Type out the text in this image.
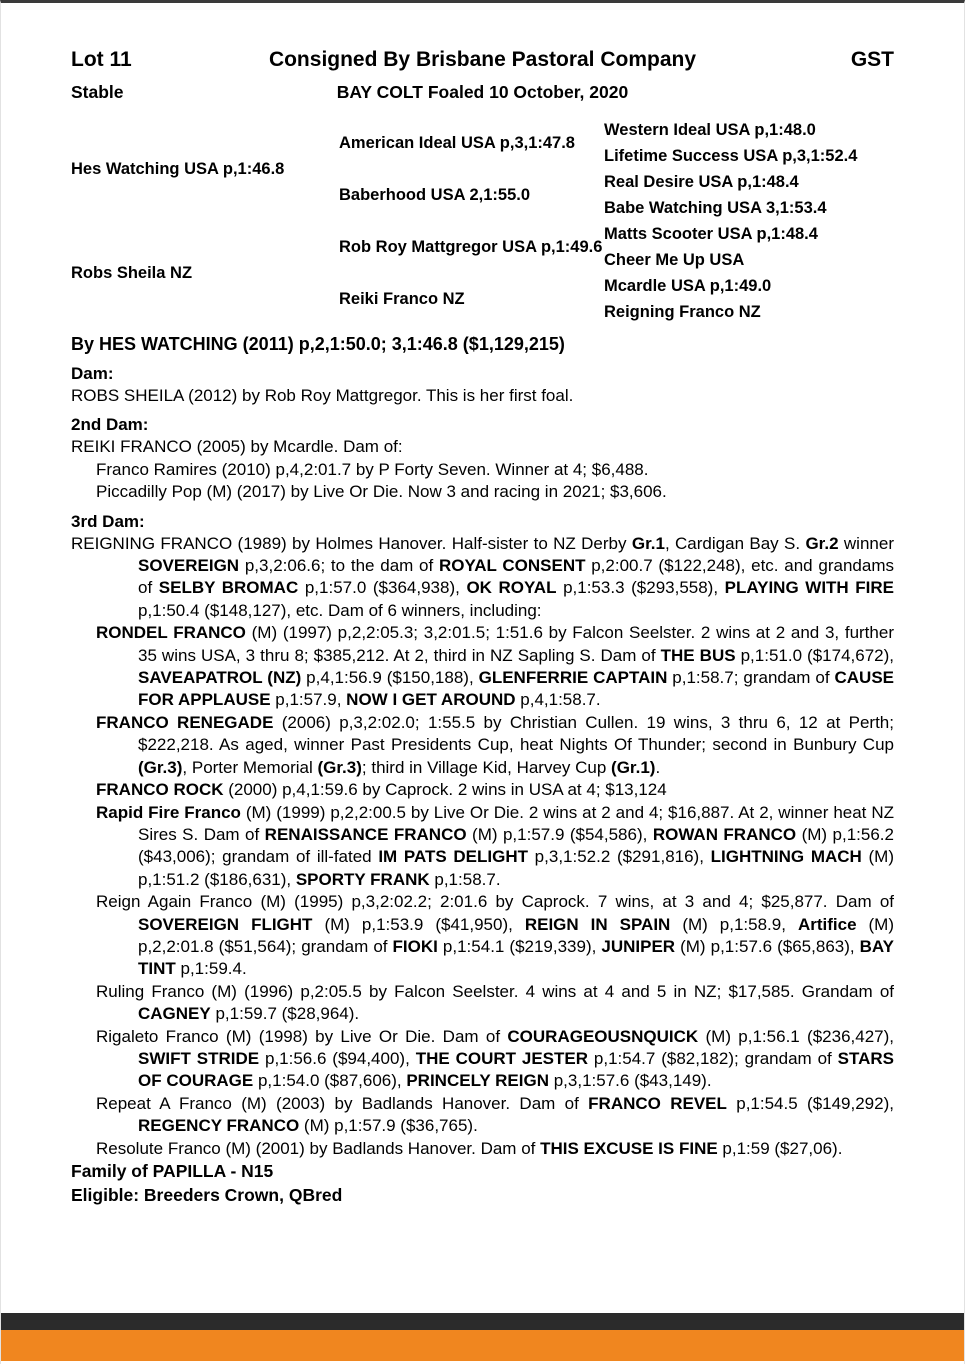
Lot 11	Consigned By Brisbane Pastoral Company	GST
Stable	BAY COLT Foaled 10 October, 2020
Hes Watching USA p,1:46.8
Robs Sheila NZ
American Ideal USA p,3,1:47.8
Baberhood USA 2,1:55.0
Rob Roy Mattgregor USA p,1:49.6
Reiki Franco NZ
Western Ideal USA p,1:48.0
Lifetime Success USA p,3,1:52.4
Real Desire USA p,1:48.4
Babe Watching USA 3,1:53.4
Matts Scooter USA p,1:48.4
Cheer Me Up USA
Mcardle USA p,1:49.0
Reigning Franco NZ
By HES WATCHING (2011) p,2,1:50.0; 3,1:46.8 ($1,129,215)
Dam:
ROBS SHEILA (2012) by Rob Roy Mattgregor. This is her first foal.
2nd Dam:
REIKI FRANCO (2005) by Mcardle. Dam of:
Franco Ramires (2010) p,4,2:01.7 by P Forty Seven. Winner at 4; $6,488.
Piccadilly Pop (M) (2017) by Live Or Die. Now 3 and racing in 2021; $3,606.
3rd Dam:
REIGNING FRANCO (1989) by Holmes Hanover. Half-sister to NZ Derby Gr.1, Cardigan Bay S. Gr.2 winner SOVEREIGN p,3,2:06.6; to the dam of ROYAL CONSENT p,2:00.7 ($122,248), etc. and grandams of SELBY BROMAC p,1:57.0 ($364,938), OK ROYAL p,1:53.3 ($293,558), PLAYING WITH FIRE p,1:50.4 ($148,127), etc. Dam of 6 winners, including:
RONDEL FRANCO (M) (1997) p,2,2:05.3; 3,2:01.5; 1:51.6 by Falcon Seelster. 2 wins at 2 and 3, further 35 wins USA, 3 thru 8; $385,212. At 2, third in NZ Sapling S. Dam of THE BUS p,1:51.0 ($174,672), SAVEAPATROL (NZ) p,4,1:56.9 ($150,188), GLENFERRIE CAPTAIN p,1:58.7; grandam of CAUSE FOR APPLAUSE p,1:57.9, NOW I GET AROUND p,4,1:58.7.
FRANCO RENEGADE (2006) p,3,2:02.0; 1:55.5 by Christian Cullen. 19 wins, 3 thru 6, 12 at Perth; $222,218. As aged, winner Past Presidents Cup, heat Nights Of Thunder; second in Bunbury Cup (Gr.3), Porter Memorial (Gr.3); third in Village Kid, Harvey Cup (Gr.1).
FRANCO ROCK (2000) p,4,1:59.6 by Caprock. 2 wins in USA at 4; $13,124
Rapid Fire Franco (M) (1999) p,2,2:00.5 by Live Or Die. 2 wins at 2 and 4; $16,887. At 2, winner heat NZ Sires S. Dam of RENAISSANCE FRANCO (M) p,1:57.9 ($54,586), ROWAN FRANCO (M) p,1:56.2 ($43,006); grandam of ill-fated IM PATS DELIGHT p,3,1:52.2 ($291,816), LIGHTNING MACH (M) p,1:51.2 ($186,631), SPORTY FRANK p,1:58.7.
Reign Again Franco (M) (1995) p,3,2:02.2; 2:01.6 by Caprock. 7 wins, at 3 and 4; $25,877. Dam of SOVEREIGN FLIGHT (M) p,1:53.9 ($41,950), REIGN IN SPAIN (M) p,1:58.9, Artifice (M) p,2,2:01.8 ($51,564); grandam of FIOKI p,1:54.1 ($219,339), JUNIPER (M) p,1:57.6 ($65,863), BAY TINT p,1:59.4.
Ruling Franco (M) (1996) p,2:05.5 by Falcon Seelster. 4 wins at 4 and 5 in NZ; $17,585. Grandam of CAGNEY p,1:59.7 ($28,964).
Rigaleto Franco (M) (1998) by Live Or Die. Dam of COURAGEOUSNQUICK (M) p,1:56.1 ($236,427), SWIFT STRIDE p,1:56.6 ($94,400), THE COURT JESTER p,1:54.7 ($82,182); grandam of STARS OF COURAGE p,1:54.0 ($87,606), PRINCELY REIGN p,3,1:57.6 ($43,149).
Repeat A Franco (M) (2003) by Badlands Hanover. Dam of FRANCO REVEL p,1:54.5 ($149,292), REGENCY FRANCO (M) p,1:57.9 ($36,765).
Resolute Franco (M) (2001) by Badlands Hanover. Dam of THIS EXCUSE IS FINE p,1:59 ($27,06).
Family of PAPILLA - N15
Eligible: Breeders Crown, QBred
